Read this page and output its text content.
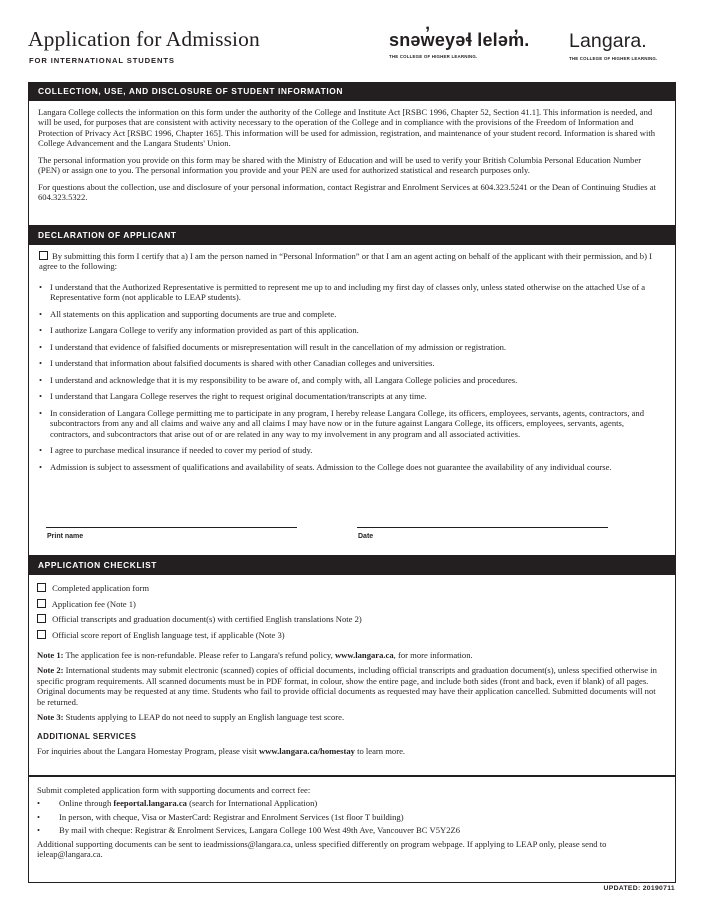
Application for Admission
FOR INTERNATIONAL STUDENTS
snəw̓eyəɬ leləm̓.
THE COLLEGE OF HIGHER LEARNING.
Langara.
THE COLLEGE OF HIGHER LEARNING.
COLLECTION, USE, AND DISCLOSURE OF STUDENT INFORMATION

Langara College collects the information on this form under the authority of the College and Institute Act [RSBC 1996, Chapter 52, Section 41.1]. This information is needed, and will be used, for purposes that are consistent with activity necessary to the operation of the College and in compliance with the provisions of the Freedom of Information and Protection of Privacy Act [RSBC 1996, Chapter 165]. This information will be used for admission, registration, and maintenance of your student record. Information is shared with College Advancement and the Langara Students' Union.

The personal information you provide on this form may be shared with the Ministry of Education and will be used to verify your British Columbia Personal Education Number (PEN) or assign one to you. The personal information you provide and your PEN are used for authorized statistical and research purposes only.

For questions about the collection, use and disclosure of your personal information, contact Registrar and Enrolment Services at 604.323.5241 or the Dean of Continuing Studies at 604.323.5322.

DECLARATION OF APPLICANT
By submitting this form I certify that a) I am the person named in “Personal Information” or that I am an agent acting on behalf of the applicant with their permission, and b) I agree to the following:
• I understand that the Authorized Representative is permitted to represent me up to and including my first day of classes only, unless stated otherwise on the attached Use of a Representative form (not applicable to LEAP students).
• All statements on this application and supporting documents are true and complete.
• I authorize Langara College to verify any information provided as part of this application.
• I understand that evidence of falsified documents or misrepresentation will result in the cancellation of my admission or registration.
• I understand that information about falsified documents is shared with other Canadian colleges and universities.
• I understand and acknowledge that it is my responsibility to be aware of, and comply with, all Langara College policies and procedures.
• I understand that Langara College reserves the right to request original documentation/transcripts at any time.
• In consideration of Langara College permitting me to participate in any program, I hereby release Langara College, its officers, employees, servants, agents, contractors, and subcontractors from any and all claims and waive any and all claims I may have now or in the future against Langara College, its officers, employees, servants, agents, contractors, and subcontractors that arise out of or are related in any way to my involvement in any program and all associated activities.
• I agree to purchase medical insurance if needed to cover my period of study.
• Admission is subject to assessment of qualifications and availability of seats. Admission to the College does not guarantee the availability of any individual course.
Print name	Date
APPLICATION CHECKLIST
Completed application form
Application fee (Note 1)
Official transcripts and graduation document(s) with certified English translations Note 2)
Official score report of English language test, if applicable (Note 3)
Note 1: The application fee is non-refundable. Please refer to Langara's refund policy, www.langara.ca, for more information.
Note 2: International students may submit electronic (scanned) copies of official documents, including official transcripts and graduation document(s), unless specified otherwise in specific program requirements. All scanned documents must be in PDF format, in colour, show the entire page, and include both sides (front and back, even if blank) of all pages. Original documents may be requested at any time. Students who fail to provide official documents as requested may have their application cancelled. Submitted documents will not be returned.
Note 3: Students applying to LEAP do not need to supply an English language test score.
ADDITIONAL SERVICES
For inquiries about the Langara Homestay Program, please visit www.langara.ca/homestay to learn more.
Submit completed application form with supporting documents and correct fee:
• Online through feeportal.langara.ca (search for International Application)
• In person, with cheque, Visa or MasterCard: Registrar and Enrolment Services (1st floor T building)
• By mail with cheque: Registrar & Enrolment Services, Langara College 100 West 49th Ave, Vancouver BC V5Y2Z6
Additional supporting documents can be sent to ieadmissions@langara.ca, unless specified differently on program webpage. If applying to LEAP only, please send to ieleap@langara.ca.
UPDATED: 20190711
